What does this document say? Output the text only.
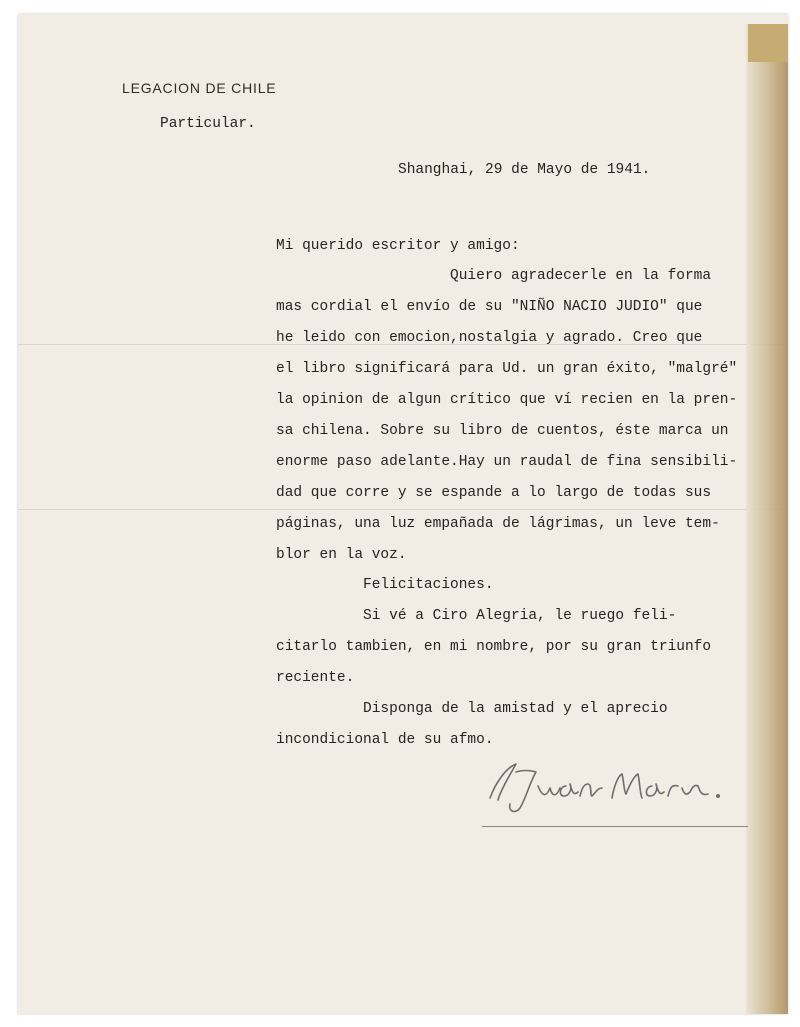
LEGACION DE CHILE
Particular.
Shanghai, 29 de Mayo de 1941.
Mi querido escritor y amigo:
Quiero agradecerle en la forma
mas cordial el envío de su "NIÑO NACIO JUDIO" que
he leido con emocion,nostalgia y agrado. Creo que
el libro significará para Ud. un gran éxito, "malgré"
la opinion de algun crítico que ví recien en la pren-
sa chilena. Sobre su libro de cuentos, éste marca un
enorme paso adelante.Hay un raudal de fina sensibili-
dad que corre y se espande a lo largo de todas sus
páginas, una luz empañada de lágrimas, un leve tem-
blor en la voz.
Felicitaciones.
Si vé a Ciro Alegria, le ruego feli-
citarlo tambien, en mi nombre, por su gran triunfo
reciente.
Disponga de la amistad y el aprecio
incondicional de su afmo.
